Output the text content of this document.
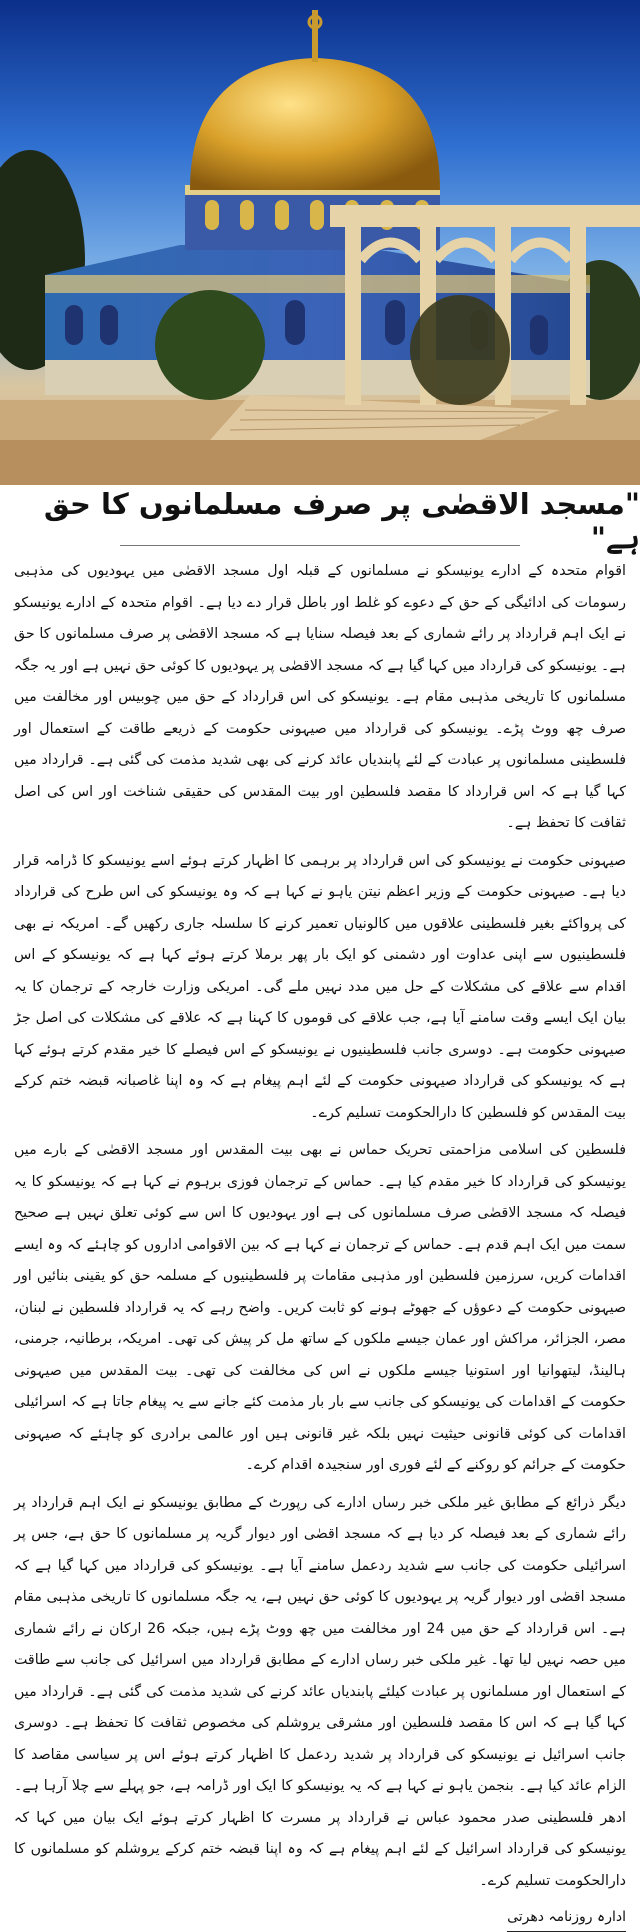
"مسجد الاقصٰی پر صرف مسلمانوں کا حق ہے"

اقوام متحدہ کے ادارے یونیسکو نے مسلمانوں کے قبلہ اول مسجد الاقصٰی میں یہودیوں کی مذہبی رسومات کی ادائیگی کے حق کے دعوے کو غلط اور باطل قرار دے دیا ہے۔ اقوام متحدہ کے ادارے یونیسکو نے ایک اہم قرارداد پر رائے شماری کے بعد فیصلہ سنایا ہے کہ مسجد الاقصٰی پر صرف مسلمانوں کا حق ہے۔ یونیسکو کی قرارداد میں کہا گیا ہے کہ مسجد الاقصٰی پر یہودیوں کا کوئی حق نہیں ہے اور یہ جگہ مسلمانوں کا تاریخی مذہبی مقام ہے۔ یونیسکو کی اس قرارداد کے حق میں چوبیس اور مخالفت میں صرف چھ ووٹ پڑے۔ یونیسکو کی قرارداد میں صیہونی حکومت کے ذریعے طاقت کے استعمال اور فلسطینی مسلمانوں پر عبادت کے لئے پابندیاں عائد کرنے کی بھی شدید مذمت کی گئی ہے۔ قرارداد میں کہا گیا ہے کہ اس قرارداد کا مقصد فلسطین اور بیت المقدس کی حقیقی شناخت اور اس کی اصل ثقافت کا تحفظ ہے۔

صیہونی حکومت نے یونیسکو کی اس قرارداد پر برہمی کا اظہار کرتے ہوئے اسے یونیسکو کا ڈرامہ قرار دیا ہے۔ صیہونی حکومت کے وزیر اعظم نیتن یاہو نے کہا ہے کہ وہ یونیسکو کی اس طرح کی قرارداد کی پرواکئے بغیر فلسطینی علاقوں میں کالونیاں تعمیر کرنے کا سلسلہ جاری رکھیں گے۔ امریکہ نے بھی فلسطینیوں سے اپنی عداوت اور دشمنی کو ایک بار پھر برملا کرتے ہوئے کہا ہے کہ یونیسکو کے اس اقدام سے علاقے کی مشکلات کے حل میں مدد نہیں ملے گی۔ امریکی وزارت خارجہ کے ترجمان کا یہ بیان ایک ایسے وقت سامنے آیا ہے، جب علاقے کی قوموں کا کہنا ہے کہ علاقے کی مشکلات کی اصل جڑ صیہونی حکومت ہے۔ دوسری جانب فلسطینیوں نے یونیسکو کے اس فیصلے کا خیر مقدم کرتے ہوئے کہا ہے کہ یونیسکو کی قرارداد صیہونی حکومت کے لئے اہم پیغام ہے کہ وہ اپنا غاصبانہ قبضہ ختم کرکے بیت المقدس کو فلسطین کا دارالحکومت تسلیم کرے۔

فلسطین کی اسلامی مزاحمتی تحریک حماس نے بھی بیت المقدس اور مسجد الاقصٰی کے بارے میں یونیسکو کی قرارداد کا خیر مقدم کیا ہے۔ حماس کے ترجمان فوزی برہوم نے کہا ہے کہ یونیسکو کا یہ فیصلہ کہ مسجد الاقصٰی صرف مسلمانوں کی ہے اور یہودیوں کا اس سے کوئی تعلق نہیں ہے صحیح سمت میں ایک اہم قدم ہے۔ حماس کے ترجمان نے کہا ہے کہ بین الاقوامی اداروں کو چاہئے کہ وہ ایسے اقدامات کریں، سرزمین فلسطین اور مذہبی مقامات پر فلسطینیوں کے مسلمہ حق کو یقینی بنائیں اور صیہونی حکومت کے دعوؤں کے جھوٹے ہونے کو ثابت کریں۔ واضح رہے کہ یہ قرارداد فلسطین نے لبنان، مصر، الجزائر، مراکش اور عمان جیسے ملکوں کے ساتھ مل کر پیش کی تھی۔ امریکہ، برطانیہ، جرمنی، ہالینڈ، لیتھوانیا اور استونیا جیسے ملکوں نے اس کی مخالفت کی تھی۔ بیت المقدس میں صیہونی حکومت کے اقدامات کی یونیسکو کی جانب سے بار بار مذمت کئے جانے سے یہ پیغام جاتا ہے کہ اسرائیلی اقدامات کی کوئی قانونی حیثیت نہیں بلکہ غیر قانونی ہیں اور عالمی برادری کو چاہئے کہ صیہونی حکومت کے جرائم کو روکنے کے لئے فوری اور سنجیدہ اقدام کرے۔

دیگر ذرائع کے مطابق غیر ملکی خبر رساں ادارے کی رپورٹ کے مطابق یونیسکو نے ایک اہم قرارداد پر رائے شماری کے بعد فیصلہ کر دیا ہے کہ مسجد اقصٰی اور دیوار گریہ پر مسلمانوں کا حق ہے، جس پر اسرائیلی حکومت کی جانب سے شدید ردعمل سامنے آیا ہے۔ یونیسکو کی قرارداد میں کہا گیا ہے کہ مسجد اقصٰی اور دیوار گریہ پر یہودیوں کا کوئی حق نہیں ہے، یہ جگہ مسلمانوں کا تاریخی مذہبی مقام ہے۔ اس قرارداد کے حق میں 24 اور مخالفت میں چھ ووٹ پڑے ہیں، جبکہ 26 ارکان نے رائے شماری میں حصہ نہیں لیا تھا۔ غیر ملکی خبر رساں ادارے کے مطابق قرارداد میں اسرائیل کی جانب سے طاقت کے استعمال اور مسلمانوں پر عبادت کیلئے پابندیاں عائد کرنے کی شدید مذمت کی گئی ہے۔ قرارداد میں کہا گیا ہے کہ اس کا مقصد فلسطین اور مشرقی یروشلم کی مخصوص ثقافت کا تحفظ ہے۔ دوسری جانب اسرائیل نے یونیسکو کی قرارداد پر شدید ردعمل کا اظہار کرتے ہوئے اس پر سیاسی مقاصد کا الزام عائد کیا ہے۔ بنجمن یاہو نے کہا ہے کہ یہ یونیسکو کا ایک اور ڈرامہ ہے، جو پہلے سے چلا آرہا ہے۔ ادھر فلسطینی صدر محمود عباس نے قرارداد پر مسرت کا اظہار کرتے ہوئے ایک بیان میں کہا کہ یونیسکو کی قرارداد اسرائیل کے لئے اہم پیغام ہے کہ وہ اپنا قبضہ ختم کرکے یروشلم کو مسلمانوں کا دارالحکومت تسلیم کرے۔

ادارہ روزنامہ دھرتی
